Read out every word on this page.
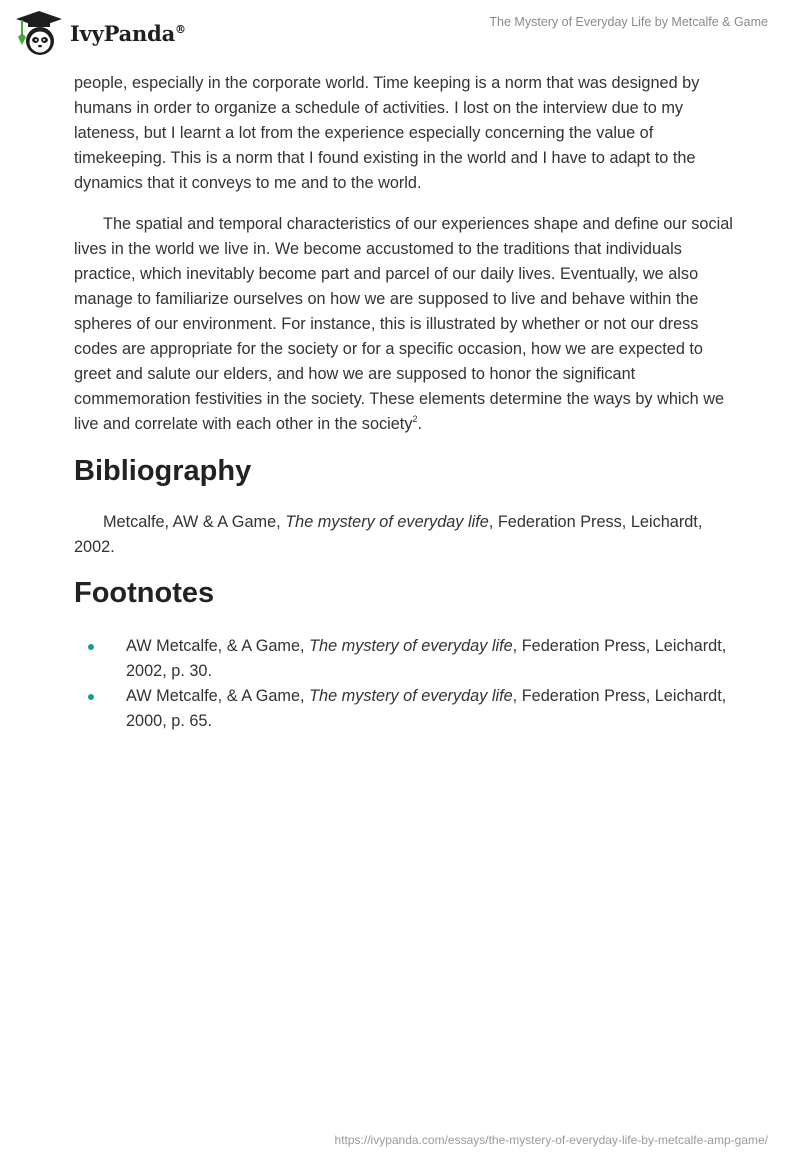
IvyPanda®	The Mystery of Everyday Life by Metcalfe & Game

people, especially in the corporate world. Time keeping is a norm that was designed by humans in order to organize a schedule of activities. I lost on the interview due to my lateness, but I learnt a lot from the experience especially concerning the value of timekeeping. This is a norm that I found existing in the world and I have to adapt to the dynamics that it conveys to me and to the world.

The spatial and temporal characteristics of our experiences shape and define our social lives in the world we live in. We become accustomed to the traditions that individuals practice, which inevitably become part and parcel of our daily lives. Eventually, we also manage to familiarize ourselves on how we are supposed to live and behave within the spheres of our environment. For instance, this is illustrated by whether or not our dress codes are appropriate for the society or for a specific occasion, how we are expected to greet and salute our elders, and how we are supposed to honor the significant commemoration festivities in the society. These elements determine the ways by which we live and correlate with each other in the society$^2$.

Bibliography

Metcalfe, AW & A Game, The mystery of everyday life, Federation Press, Leichardt, 2002.

Footnotes
AW Metcalfe, & A Game, The mystery of everyday life, Federation Press, Leichardt, 2002, p. 30.
AW Metcalfe, & A Game, The mystery of everyday life, Federation Press, Leichardt, 2000, p. 65.
https://ivypanda.com/essays/the-mystery-of-everyday-life-by-metcalfe-amp-game/
